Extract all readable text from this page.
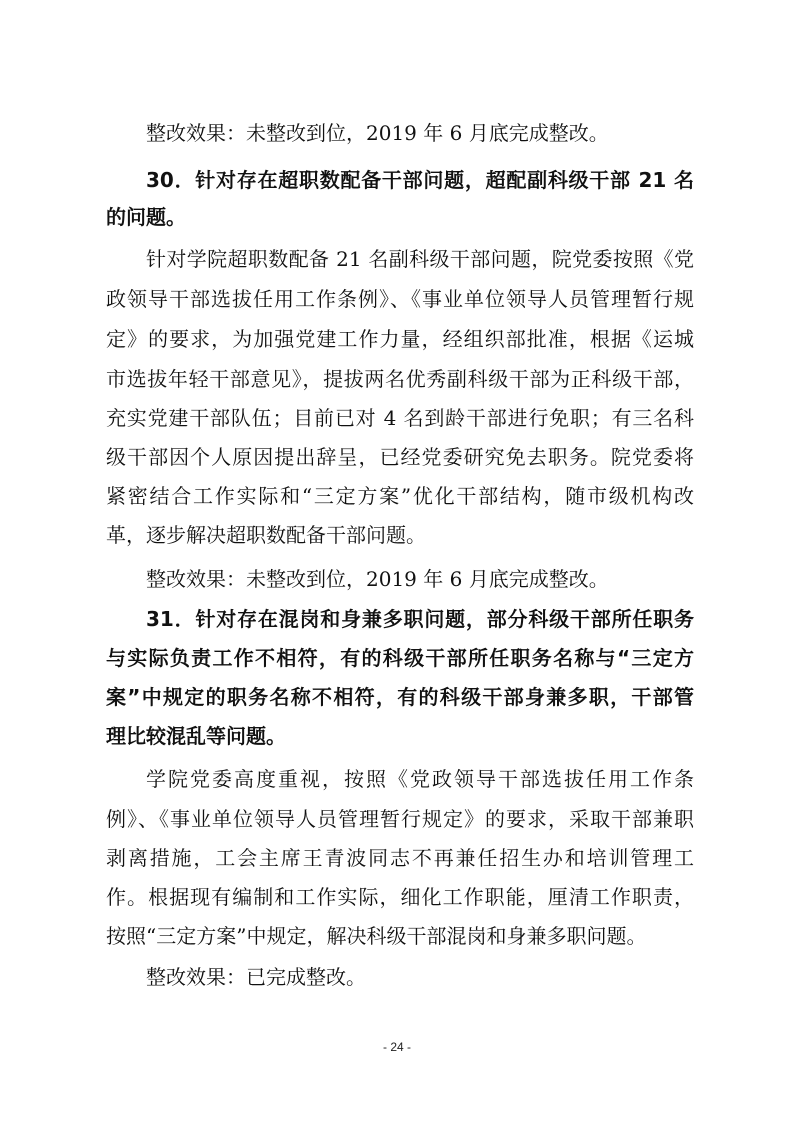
整改效果：未整改到位，2019 年 6 月底完成整改。
30．针对存在超职数配备干部问题，超配副科级干部 21 名
的问题。
针对学院超职数配备 21 名副科级干部问题，院党委按照《党
政领导干部选拔任用工作条例》、《事业单位领导人员管理暂行规
定》的要求，为加强党建工作力量，经组织部批准，根据《运城
市选拔年轻干部意见》，提拔两名优秀副科级干部为正科级干部，
充实党建干部队伍；目前已对 4 名到龄干部进行免职；有三名科
级干部因个人原因提出辞呈，已经党委研究免去职务。院党委将
紧密结合工作实际和“三定方案”优化干部结构，随市级机构改
革，逐步解决超职数配备干部问题。
整改效果：未整改到位，2019 年 6 月底完成整改。
31．针对存在混岗和身兼多职问题，部分科级干部所任职务
与实际负责工作不相符，有的科级干部所任职务名称与“三定方
案”中规定的职务名称不相符，有的科级干部身兼多职，干部管
理比较混乱等问题。
学院党委高度重视，按照《党政领导干部选拔任用工作条
例》、《事业单位领导人员管理暂行规定》的要求，采取干部兼职
剥离措施，工会主席王青波同志不再兼任招生办和培训管理工
作。根据现有编制和工作实际，细化工作职能，厘清工作职责，
按照“三定方案”中规定，解决科级干部混岗和身兼多职问题。
整改效果：已完成整改。
- 24 -
